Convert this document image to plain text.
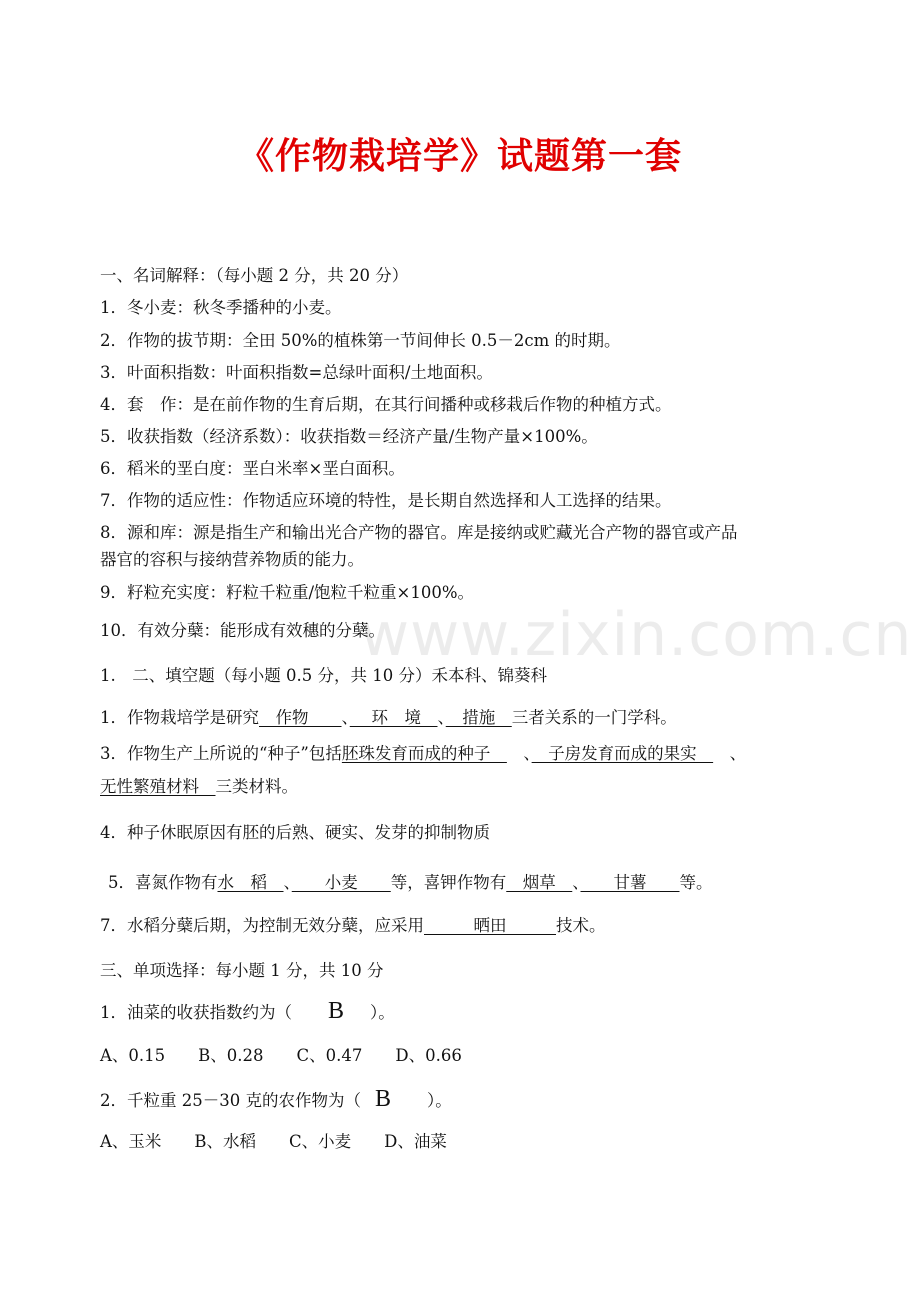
《作物栽培学》试题第一套
www.zixin.com.cn
一、名词解释：（每小题 2 分，共 20 分）
1．冬小麦：秋冬季播种的小麦。
2．作物的拔节期：全田 50%的植株第一节间伸长 0.5－2cm 的时期。
3．叶面积指数：叶面积指数=总绿叶面积/土地面积。
4．套　作：是在前作物的生育后期，在其行间播种或移栽后作物的种植方式。
5．收获指数（经济系数）：收获指数＝经济产量/生物产量×100%。
6．稻米的垩白度：垩白米率×垩白面积。
7．作物的适应性：作物适应环境的特性，是长期自然选择和人工选择的结果。
8．源和库：源是指生产和输出光合产物的器官。库是接纳或贮藏光合产物的器官或产品
器官的容积与接纳营养物质的能力。
9．籽粒充实度：籽粒千粒重/饱粒千粒重×100%。
10．有效分蘖：能形成有效穗的分蘖。
1.　二、填空题（每小题 0.5 分，共 10 分）禾本科、锦葵科
1．作物栽培学是研究　作物　　、　 环　境　、　措施　三者关系的一门学科。
3．作物生产上所说的“种子”包括胚珠发育而成的种子　　、　子房发育而成的果实　　、
无性繁殖材料　三类材料。
4．种子休眠原因有胚的后熟、硬实、发芽的抑制物质
5．喜氮作物有水　稻　、　　小麦　　等，喜钾作物有　烟草　、　　甘薯　　等。
7．水稻分蘖后期，为控制无效分蘖，应采用　　　晒田　　　技术。
三、单项选择：每小题 1 分，共 10 分
1．油菜的收获指数约为（ B ）。
A、0.15　　B、0.28　　C、0.47　　D、0.66
2．千粒重 25－30 克的农作物为（ B ）。
A、玉米　　B、水稻　　C、小麦　　D、油菜
